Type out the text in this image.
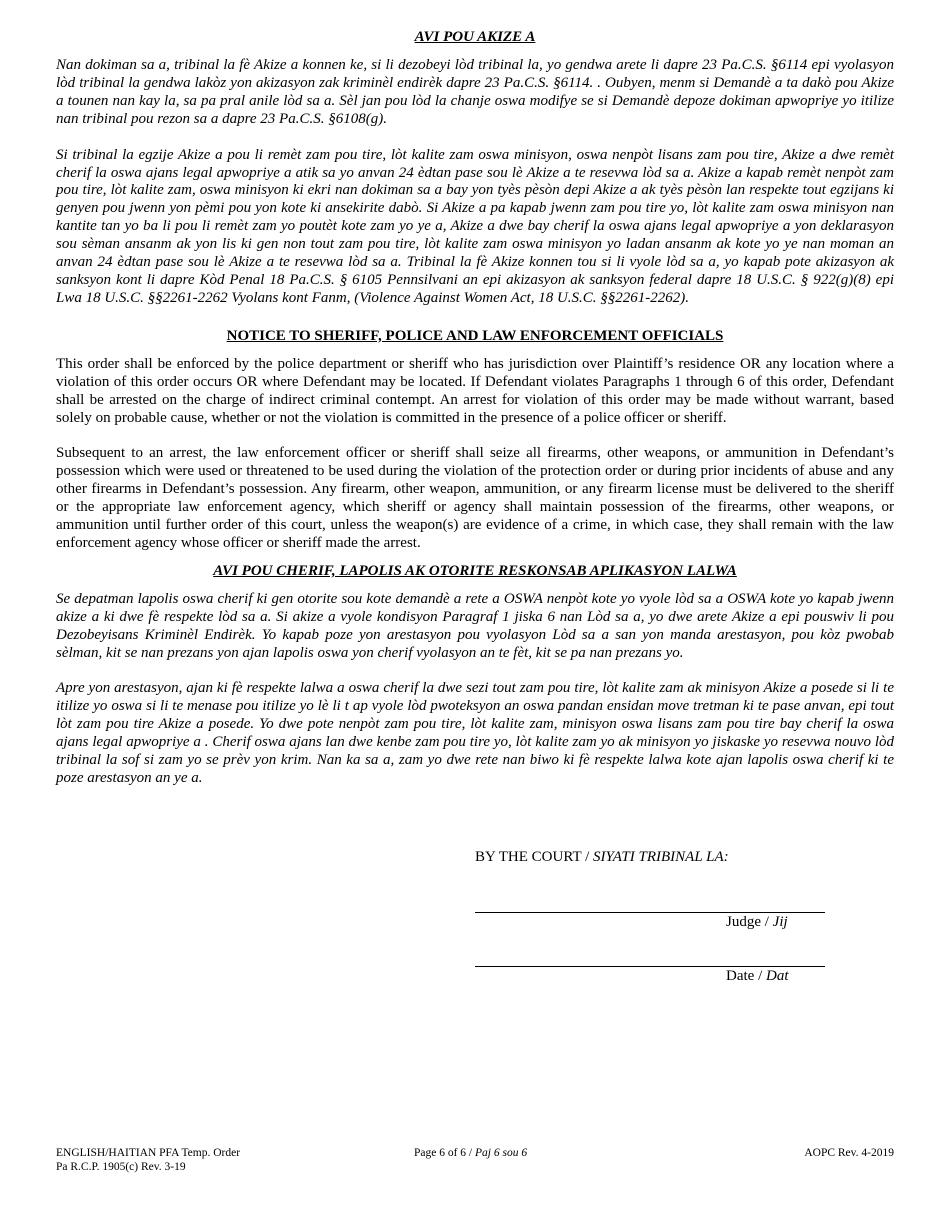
AVI POU AKIZE A

Nan dokiman sa a, tribinal la fè Akize a konnen ke, si li dezobeyi lòd tribinal la, yo gendwa arete li dapre 23 Pa.C.S. §6114 epi vyolasyon lòd tribinal la gendwa lakòz yon akizasyon zak kriminèl endirèk dapre 23 Pa.C.S. §6114. . Oubyen, menm si Demandè a ta dakò pou Akize a tounen nan kay la, sa pa pral anile lòd sa a. Sèl jan pou lòd la chanje oswa modifye se si Demandè depoze dokiman apwopriye yo itilize nan tribinal pou rezon sa a dapre 23 Pa.C.S. §6108(g).

Si tribinal la egzije Akize a pou li remèt zam pou tire, lòt kalite zam oswa minisyon, oswa nenpòt lisans zam pou tire, Akize a dwe remèt cherif la oswa ajans legal apwopriye a atik sa yo anvan 24 èdtan pase sou lè Akize a te resevwa lòd sa a. Akize a kapab remèt nenpòt zam pou tire, lòt kalite zam, oswa minisyon ki ekri nan dokiman sa a bay yon tyès pèsòn depi Akize a ak tyès pèsòn lan respekte tout egzijans ki genyen pou jwenn yon pèmi pou yon kote ki ansekirite dabò. Si Akize a pa kapab jwenn zam pou tire yo, lòt kalite zam oswa minisyon nan kantite tan yo ba li pou li remèt zam yo poutèt kote zam yo ye a, Akize a dwe bay cherif la oswa ajans legal apwopriye a yon deklarasyon sou sèman ansanm ak yon lis ki gen non tout zam pou tire, lòt kalite zam oswa minisyon yo ladan ansanm ak kote yo ye nan moman an anvan 24 èdtan pase sou lè Akize a te resevwa lòd sa a. Tribinal la fè Akize konnen tou si li vyole lòd sa a, yo kapab pote akizasyon ak sanksyon kont li dapre Kòd Penal 18 Pa.C.S. § 6105 Pennsilvani an epi akizasyon ak sanksyon federal dapre 18 U.S.C. § 922(g)(8) epi Lwa 18 U.S.C. §§2261-2262 Vyolans kont Fanm, (Violence Against Women Act, 18 U.S.C. §§2261-2262).

NOTICE TO SHERIFF, POLICE AND LAW ENFORCEMENT OFFICIALS

This order shall be enforced by the police department or sheriff who has jurisdiction over Plaintiff’s residence OR any location where a violation of this order occurs OR where Defendant may be located. If Defendant violates Paragraphs 1 through 6 of this order, Defendant shall be arrested on the charge of indirect criminal contempt. An arrest for violation of this order may be made without warrant, based solely on probable cause, whether or not the violation is committed in the presence of a police officer or sheriff.

Subsequent to an arrest, the law enforcement officer or sheriff shall seize all firearms, other weapons, or ammunition in Defendant’s possession which were used or threatened to be used during the violation of the protection order or during prior incidents of abuse and any other firearms in Defendant’s possession. Any firearm, other weapon, ammunition, or any firearm license must be delivered to the sheriff or the appropriate law enforcement agency, which sheriff or agency shall maintain possession of the firearms, other weapons, or ammunition until further order of this court, unless the weapon(s) are evidence of a crime, in which case, they shall remain with the law enforcement agency whose officer or sheriff made the arrest.

AVI POU CHERIF, LAPOLIS AK OTORITE RESKONSAB APLIKASYON LALWA

Se depatman lapolis oswa cherif ki gen otorite sou kote demandè a rete a OSWA nenpòt kote yo vyole lòd sa a OSWA kote yo kapab jwenn akize a ki dwe fè respekte lòd sa a. Si akize a vyole kondisyon Paragraf 1 jiska 6 nan Lòd sa a, yo dwe arete Akize a epi pouswiv li pou Dezobeyisans Kriminèl Endirèk. Yo kapab poze yon arestasyon pou vyolasyon Lòd sa a san yon manda arestasyon, pou kòz pwobab sèlman, kit se nan prezans yon ajan lapolis oswa yon cherif vyolasyon an te fèt, kit se pa nan prezans yo.

Apre yon arestasyon, ajan ki fè respekte lalwa a oswa cherif la dwe sezi tout zam pou tire, lòt kalite zam ak minisyon Akize a posede si li te itilize yo oswa si li te menase pou itilize yo lè li t ap vyole lòd pwoteksyon an oswa pandan ensidan move tretman ki te pase anvan, epi tout lòt zam pou tire Akize a posede. Yo dwe pote nenpòt zam pou tire, lòt kalite zam, minisyon oswa lisans zam pou tire bay cherif la oswa ajans legal apwopriye a . Cherif oswa ajans lan dwe kenbe zam pou tire yo, lòt kalite zam yo ak minisyon yo jiskaske yo resevwa nouvo lòd tribinal la sof si zam yo se prèv yon krim. Nan ka sa a, zam yo dwe rete nan biwo ki fè respekte lalwa kote ajan lapolis oswa cherif ki te poze arestasyon an ye a.

BY THE COURT / SIYATI TRIBINAL LA:
Judge / Jij
Date / Dat
ENGLISH/HAITIAN PFA Temp. Order
Pa R.C.P. 1905(c) Rev. 3-19
Page 6 of 6 / Paj 6 sou 6	AOPC Rev. 4-2019
